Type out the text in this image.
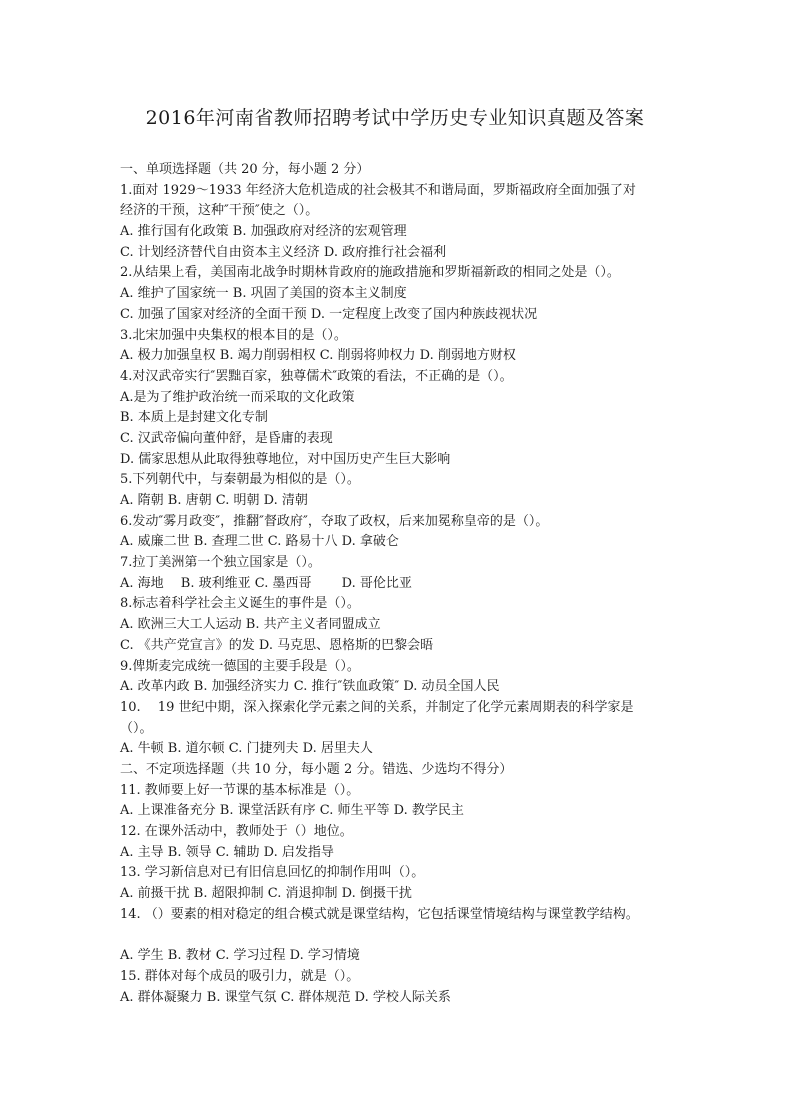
2016年河南省教师招聘考试中学历史专业知识真题及答案
一、单项选择题（共 20 分，每小题 2 分）
1.面对 1929～1933 年经济大危机造成的社会极其不和谐局面，罗斯福政府全面加强了对
经济的干预，这种″干预″使之（）。
A. 推行国有化政策 B. 加强政府对经济的宏观管理
C. 计划经济替代自由资本主义经济 D. 政府推行社会福利
2.从结果上看，美国南北战争时期林肯政府的施政措施和罗斯福新政的相同之处是（）。
A. 维护了国家统一 B. 巩固了美国的资本主义制度
C. 加强了国家对经济的全面干预 D. 一定程度上改变了国内种族歧视状况
3.北宋加强中央集权的根本目的是（）。
A. 极力加强皇权 B. 竭力削弱相权 C. 削弱将帅权力 D. 削弱地方财权
4.对汉武帝实行″罢黜百家，独尊儒术″政策的看法，不正确的是（）。
A.是为了维护政治统一而采取的文化政策
B. 本质上是封建文化专制
C. 汉武帝偏向董仲舒，是昏庸的表现
D. 儒家思想从此取得独尊地位，对中国历史产生巨大影响
5.下列朝代中，与秦朝最为相似的是（）。
A. 隋朝 B. 唐朝 C. 明朝 D. 清朝
6.发动″雾月政变″，推翻″督政府″，夺取了政权，后来加冕称皇帝的是（）。
A. 威廉二世 B. 查理二世 C. 路易十八 D. 拿破仑
7.拉丁美洲第一个独立国家是（）。
A. 海地　 B. 玻利维亚 C. 墨西哥　　 D. 哥伦比亚
8.标志着科学社会主义诞生的事件是（）。
A. 欧洲三大工人运动 B. 共产主义者同盟成立
C. 《共产党宣言》的发 D. 马克思、恩格斯的巴黎会晤
9.俾斯麦完成统一德国的主要手段是（）。
A. 改革内政 B. 加强经济实力 C. 推行″铁血政策″ D. 动员全国人民
10.　 19 世纪中期，深入探索化学元素之间的关系，并制定了化学元素周期表的科学家是
（）。
A. 牛顿 B. 道尔顿 C. 门捷列夫 D. 居里夫人
二、不定项选择题（共 10 分，每小题 2 分。错选、少选均不得分）
11. 教师要上好一节课的基本标准是（）。
A. 上课准备充分 B. 课堂活跃有序 C. 师生平等 D. 教学民主
12. 在课外活动中，教师处于（）地位。
A. 主导 B. 领导 C. 辅助 D. 启发指导
13. 学习新信息对已有旧信息回忆的抑制作用叫（）。
A. 前摄干扰 B. 超限抑制 C. 消退抑制 D. 倒摄干扰
14. （）要素的相对稳定的组合模式就是课堂结构，它包括课堂情境结构与课堂教学结构。
A. 学生 B. 教材 C. 学习过程 D. 学习情境
15. 群体对每个成员的吸引力，就是（）。
A. 群体凝聚力 B. 课堂气氛 C. 群体规范 D. 学校人际关系
